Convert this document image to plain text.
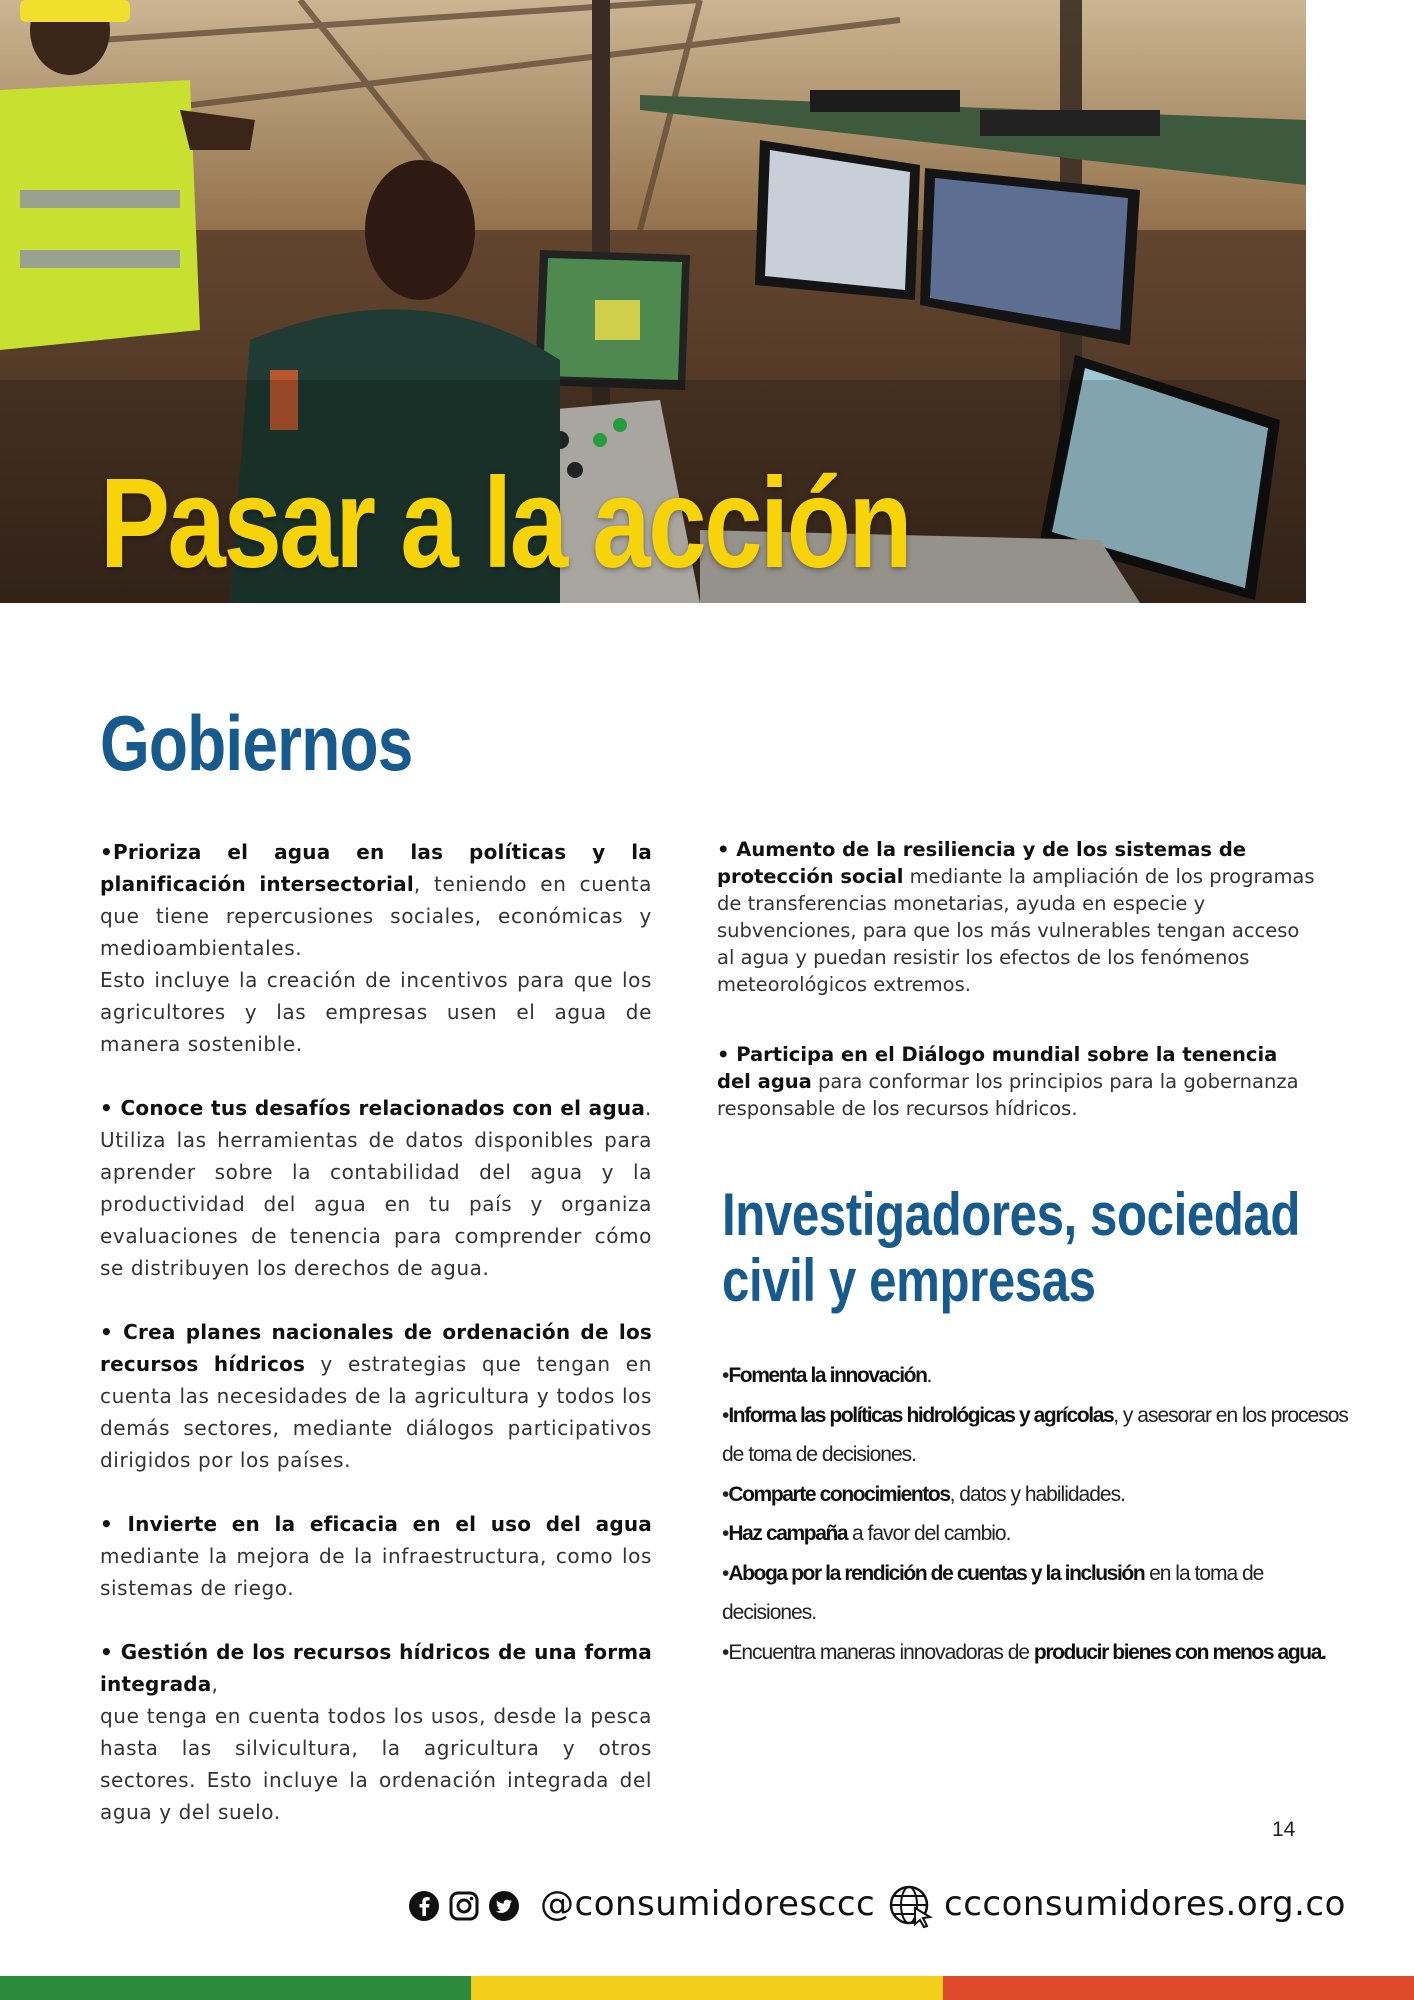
Pasar a la acción
Gobiernos

•Prioriza el agua en las políticas y la planificación intersectorial, teniendo en cuenta que tiene repercusiones sociales, económicas y medioambientales.
Esto incluye la creación de incentivos para que los agricultores y las empresas usen el agua de manera sostenible.

• Conoce tus desafíos relacionados con el agua. Utiliza las herramientas de datos disponibles para aprender sobre la contabilidad del agua y la productividad del agua en tu país y organiza evaluaciones de tenencia para comprender cómo se distribuyen los derechos de agua.

• Crea planes nacionales de ordenación de los recursos hídricos y estrategias que tengan en cuenta las necesidades de la agricultura y todos los demás sectores, mediante diálogos participativos dirigidos por los países.

• Invierte en la eficacia en el uso del agua mediante la mejora de la infraestructura, como los sistemas de riego.

• Gestión de los recursos hídricos de una forma integrada,
que tenga en cuenta todos los usos, desde la pesca hasta las silvicultura, la agricultura y otros sectores. Esto incluye la ordenación integrada del agua y del suelo.

• Aumento de la resiliencia y de los sistemas de protección social mediante la ampliación de los programas de transferencias monetarias, ayuda en especie y subvenciones, para que los más vulnerables tengan acceso al agua y puedan resistir los efectos de los fenómenos meteorológicos extremos.

• Participa en el Diálogo mundial sobre la tenencia del agua para conformar los principios para la gobernanza responsable de los recursos hídricos.

Investigadores, sociedad
civil y empresas
•Fomenta la innovación.
•Informa las políticas hidrológicas y agrícolas, y asesorar en los procesos de toma de decisiones.
•Comparte conocimientos, datos y habilidades.
•Haz campaña a favor del cambio.
•Aboga por la rendición de cuentas y la inclusión en la toma de decisiones.
•Encuentra maneras innovadoras de producir bienes con menos agua.
14
@consumidoresccc ccconsumidores.org.co
